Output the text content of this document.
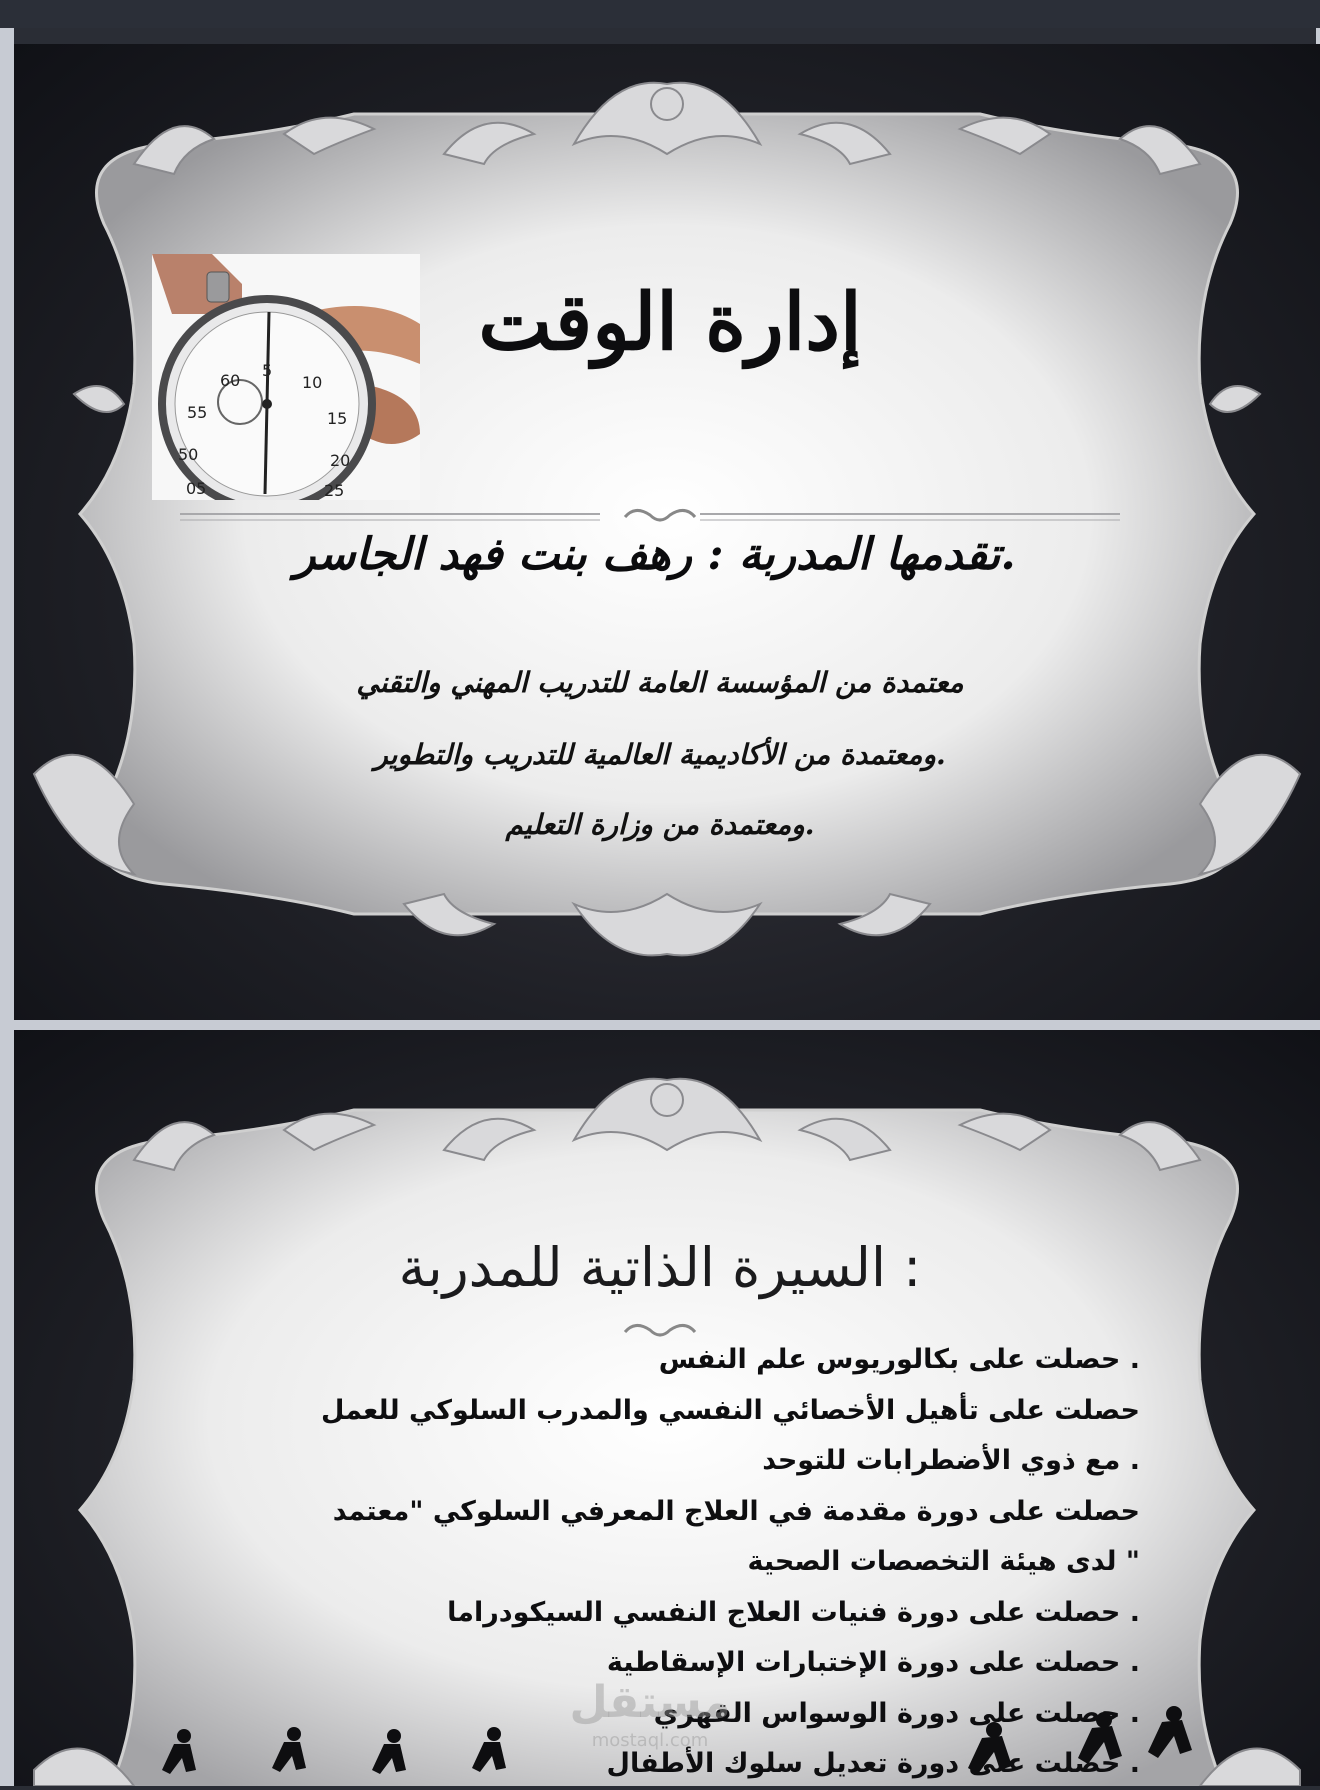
60
5
10
15
20
25
55
50
05
إدارة الوقت
.تقدمها المدربة : رهف بنت فهد الجاسر
معتمدة من المؤسسة العامة للتدريب المهني والتقني
.ومعتمدة من الأكاديمية العالمية للتدريب والتطوير
.ومعتمدة من وزارة التعليم
: السيرة الذاتية للمدربة
. حصلت على بكالوريوس علم النفس
حصلت على تأهيل الأخصائي النفسي والمدرب السلوكي للعمل
. مع ذوي الأضطرابات للتوحد
حصلت على دورة مقدمة في العلاج المعرفي السلوكي "معتمد
" لدى هيئة التخصصات الصحية
. حصلت على دورة فنيات العلاج النفسي السيكودراما
. حصلت على دورة الإختبارات الإسقاطية
. حصلت على دورة الوسواس القهري
. حصلت على دورة تعديل سلوك الأطفال
مستقل
mostaql.com
